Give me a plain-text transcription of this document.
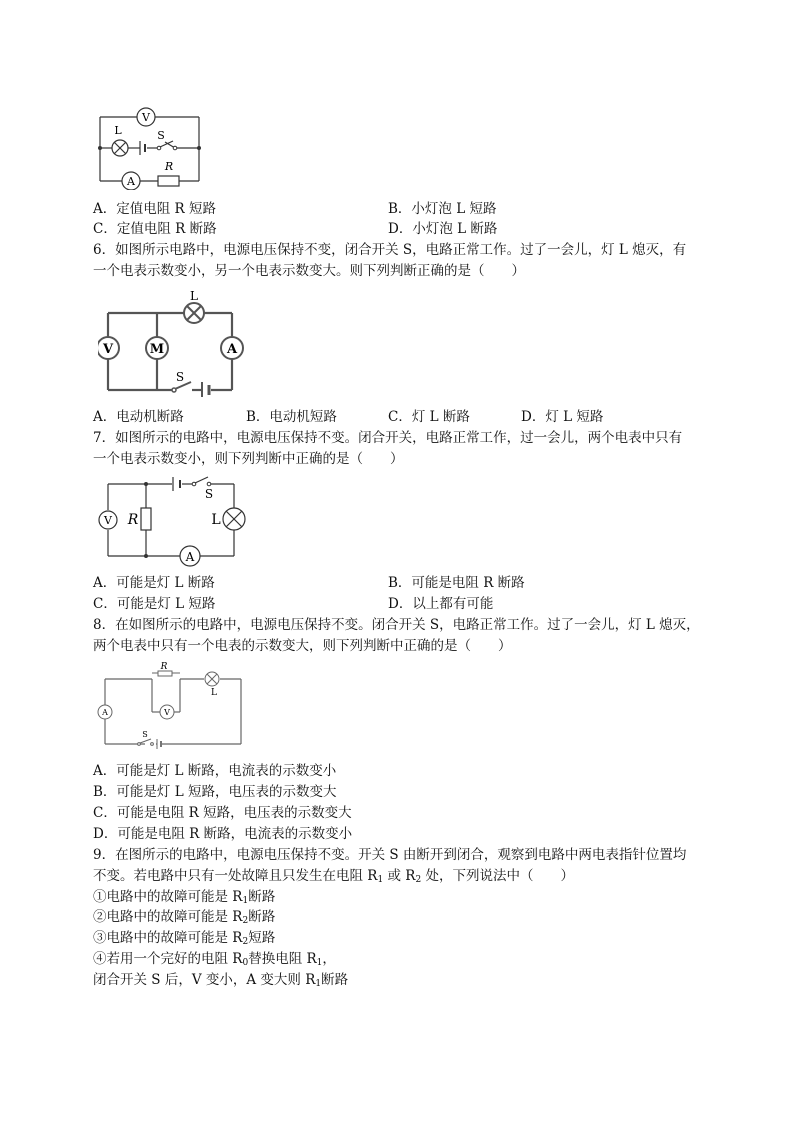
V
L	S
A
R
A．定值电阻 R 短路	B．小灯泡 L 短路
C．定值电阻 R 断路	D．小灯泡 L 断路
6．如图所示电路中，电源电压保持不变，闭合开关 S，电路正常工作。过了一会儿，灯 L 熄灭，有
一个电表示数变小，另一个电表示数变大。则下列判断正确的是（　　）
L
V	M	A
S
A．电动机断路	B．电动机短路	C．灯 L 断路	D．灯 L 短路
7．如图所示的电路中，电源电压保持不变。闭合开关，电路正常工作，过一会儿，两个电表中只有
一个电表示数变小，则下列判断中正确的是（　　）
S
V R	L
A
A．可能是灯 L 断路	B．可能是电阻 R 断路
C．可能是灯 L 短路	D．以上都有可能
8．在如图所示的电路中，电源电压保持不变。闭合开关 S，电路正常工作。过了一会儿，灯 L 熄灭，
两个电表中只有一个电表的示数变大，则下列判断中正确的是（　　）
R
L
A	V
S
A．可能是灯 L 断路，电流表的示数变小
B．可能是灯 L 短路，电压表的示数变大
C．可能是电阻 R 短路，电压表的示数变大
D．可能是电阻 R 断路，电流表的示数变小
9．在图所示的电路中，电源电压保持不变。开关 S 由断开到闭合，观察到电路中两电表指针位置均
不变。若电路中只有一处故障且只发生在电阻 $R_1$ 或 $R_2$ 处，下列说法中（　　）
①电路中的故障可能是 $R_1$断路
②电路中的故障可能是 $R_2$断路
③电路中的故障可能是 $R_2$短路
④若用一个完好的电阻 $R_0$替换电阻 $R_1$，
闭合开关 S 后，V 变小，A 变大则 $R_1$断路
